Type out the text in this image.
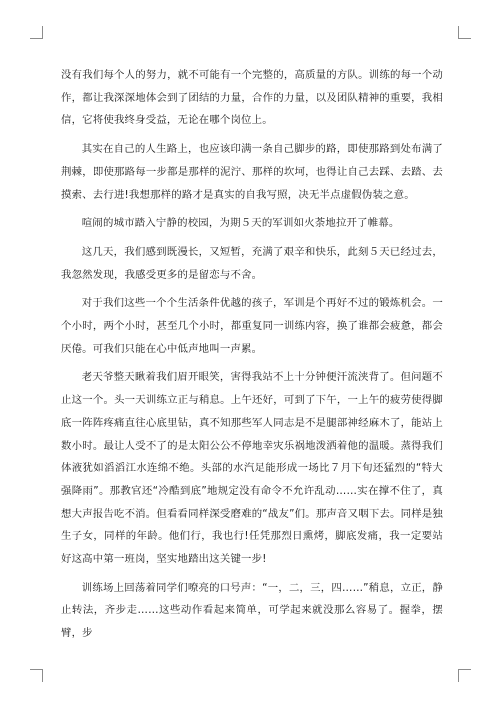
没有我们每个人的努力，就不可能有一个完整的，高质量的方队。训练的每一个动作，都让我深深地体会到了团结的力量，合作的力量，以及团队精神的重要，我相信，它将使我终身受益，无论在哪个岗位上。

其实在自己的人生路上，也应该印满一条自己脚步的路，即使那路到处布满了荆棘，即使那路每一步都是那样的泥泞、那样的坎坷，也得让自己去踩、去踏、去摸索、去行进!我想那样的路才是真实的自我写照，决无半点虚假伪装之意。

喧闹的城市踏入宁静的校园，为期５天的军训如火荼地拉开了帷幕。

这几天，我们感到既漫长，又短暂，充满了艰辛和快乐，此刻５天已经过去，我忽然发现，我感受更多的是留恋与不舍。

对于我们这些一个个生活条件优越的孩子，军训是个再好不过的锻炼机会。一个小时，两个小时，甚至几个小时，都重复同一训练内容，换了谁都会疲惫，都会厌倦。可我们只能在心中低声地叫一声累。

老天爷整天瞅着我们眉开眼笑，害得我站不上十分钟便汗流浃背了。但问题不止这一个。头一天训练立正与稍息。上午还好，可到了下午，一上午的疲劳使得脚底一阵阵疼痛直往心底里钻，真不知那些军人同志是不是腿部神经麻木了，能站上数小时。最让人受不了的是太阳公公不停地幸灾乐祸地泼洒着他的温暖。蒸得我们体液犹如滔滔江水连绵不绝。头部的水汽足能形成一场比７月下旬还猛烈的“特大强降雨”。那教官还“冷酷到底”地规定没有命令不允许乱动……实在撑不住了，真想大声报告吃不消。但看看同样深受磨难的“战友”们。那声音又咽下去。同样是独生子女，同样的年龄。他们行，我也行!任凭那烈日熏烤，脚底发痛，我一定要站好这高中第一班岗，坚实地踏出这关键一步!

训练场上回荡着同学们嘹亮的口号声：“一，二，三，四……”稍息，立正，静止转法，齐步走……这些动作看起来简单，可学起来就没那么容易了。握拳，摆臂，步
